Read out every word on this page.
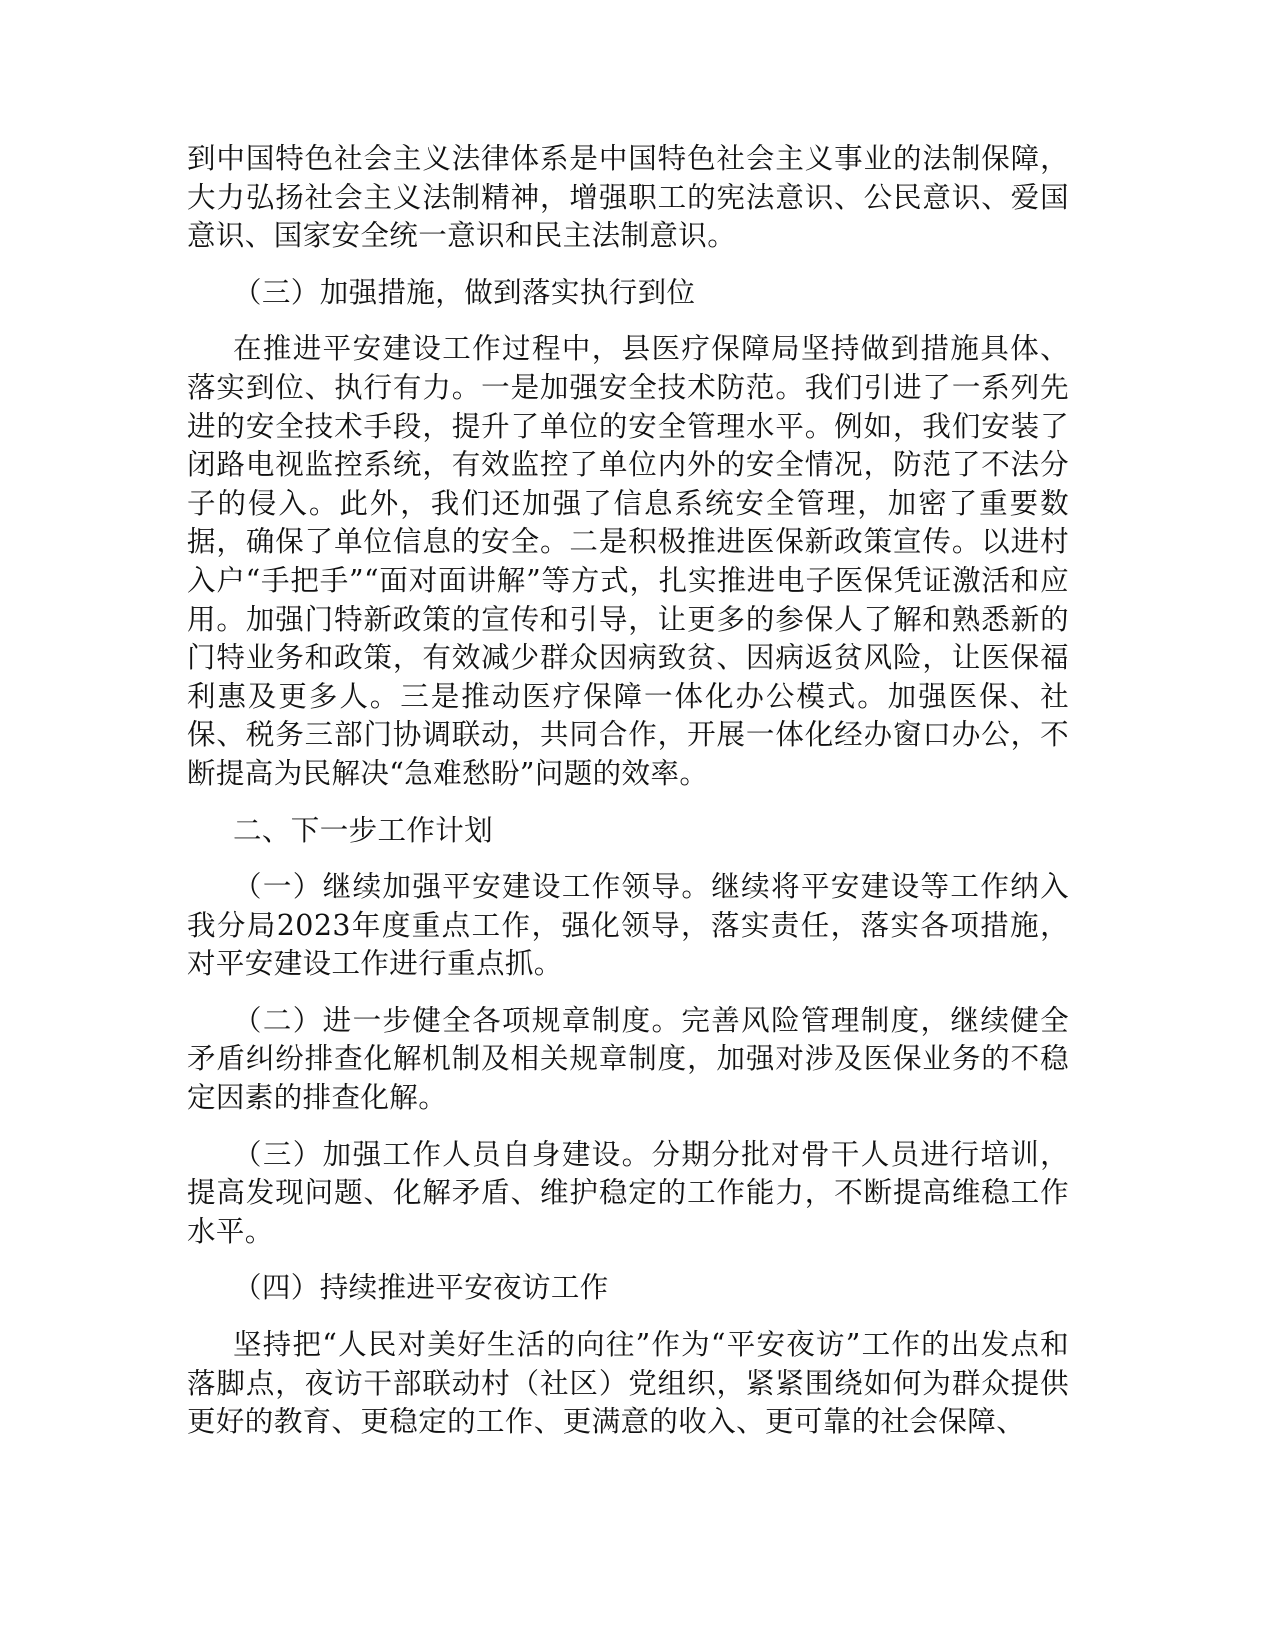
到中国特色社会主义法律体系是中国特色社会主义事业的法制保障，大力弘扬社会主义法制精神，增强职工的宪法意识、公民意识、爱国意识、国家安全统一意识和民主法制意识。

（三）加强措施，做到落实执行到位

在推进平安建设工作过程中，县医疗保障局坚持做到措施具体、落实到位、执行有力。一是加强安全技术防范。我们引进了一系列先进的安全技术手段，提升了单位的安全管理水平。例如，我们安装了闭路电视监控系统，有效监控了单位内外的安全情况，防范了不法分子的侵入。此外，我们还加强了信息系统安全管理，加密了重要数据，确保了单位信息的安全。二是积极推进医保新政策宣传。以进村入户“手把手”“面对面讲解”等方式，扎实推进电子医保凭证激活和应用。加强门特新政策的宣传和引导，让更多的参保人了解和熟悉新的门特业务和政策，有效减少群众因病致贫、因病返贫风险，让医保福利惠及更多人。三是推动医疗保障一体化办公模式。加强医保、社保、税务三部门协调联动，共同合作，开展一体化经办窗口办公，不断提高为民解决“急难愁盼”问题的效率。

二、下一步工作计划

（一）继续加强平安建设工作领导。继续将平安建设等工作纳入我分局2023年度重点工作，强化领导，落实责任，落实各项措施，对平安建设工作进行重点抓。

（二）进一步健全各项规章制度。完善风险管理制度，继续健全矛盾纠纷排查化解机制及相关规章制度，加强对涉及医保业务的不稳定因素的排查化解。

（三）加强工作人员自身建设。分期分批对骨干人员进行培训，提高发现问题、化解矛盾、维护稳定的工作能力，不断提高维稳工作水平。

（四）持续推进平安夜访工作

坚持把“人民对美好生活的向往”作为“平安夜访”工作的出发点和落脚点，夜访干部联动村（社区）党组织，紧紧围绕如何为群众提供更好的教育、更稳定的工作、更满意的收入、更可靠的社会保障、
